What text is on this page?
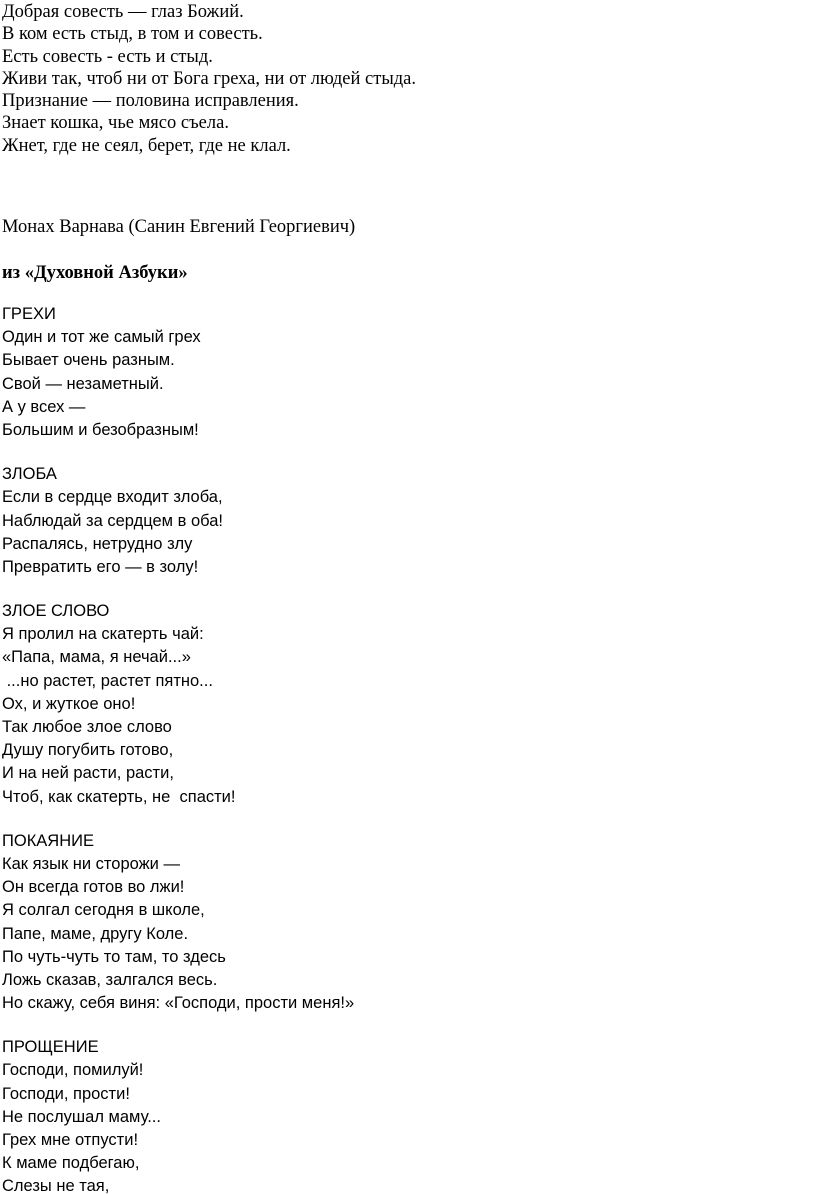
Добрая совесть — глаз Божий.
В ком есть стыд, в том и совесть.
Есть совесть - есть и стыд.
Живи так, чтоб ни от Бога греха, ни от людей стыда.
Признание — половина исправления.
Знает кошка, чье мясо съела.
Жнет, где не сеял, берет, где не клал.
Монах Варнава (Санин Евгений Георгиевич)
из «Духовной Азбуки»
ГРЕХИ
Один и тот же самый грех
Бывает очень разным.
Свой — незаметный.
А у всех —
Большим и безобразным!
ЗЛОБА
Если в сердце входит злоба,
Наблюдай за сердцем в оба!
Распалясь, нетрудно злу
Превратить его — в золу!
ЗЛОЕ СЛОВО
Я пролил на скатерть чай:
«Папа, мама, я нечай...»
...но растет, растет пятно...
Ох, и жуткое оно!
Так любое злое слово
Душу погубить готово,
И на ней расти, расти,
Чтоб, как скатерть, не  спасти!
ПОКАЯНИЕ
Как язык ни сторожи —
Он всегда готов во лжи!
Я солгал сегодня в школе,
Папе, маме, другу Коле.
По чуть-чуть то там, то здесь
Ложь сказав, залгался весь.
Но скажу, себя виня: «Господи, прости меня!»
ПРОЩЕНИЕ
Господи, помилуй!
Господи, прости!
Не послушал маму...
Грех мне отпусти!
К маме подбегаю,
Слезы не тая,
